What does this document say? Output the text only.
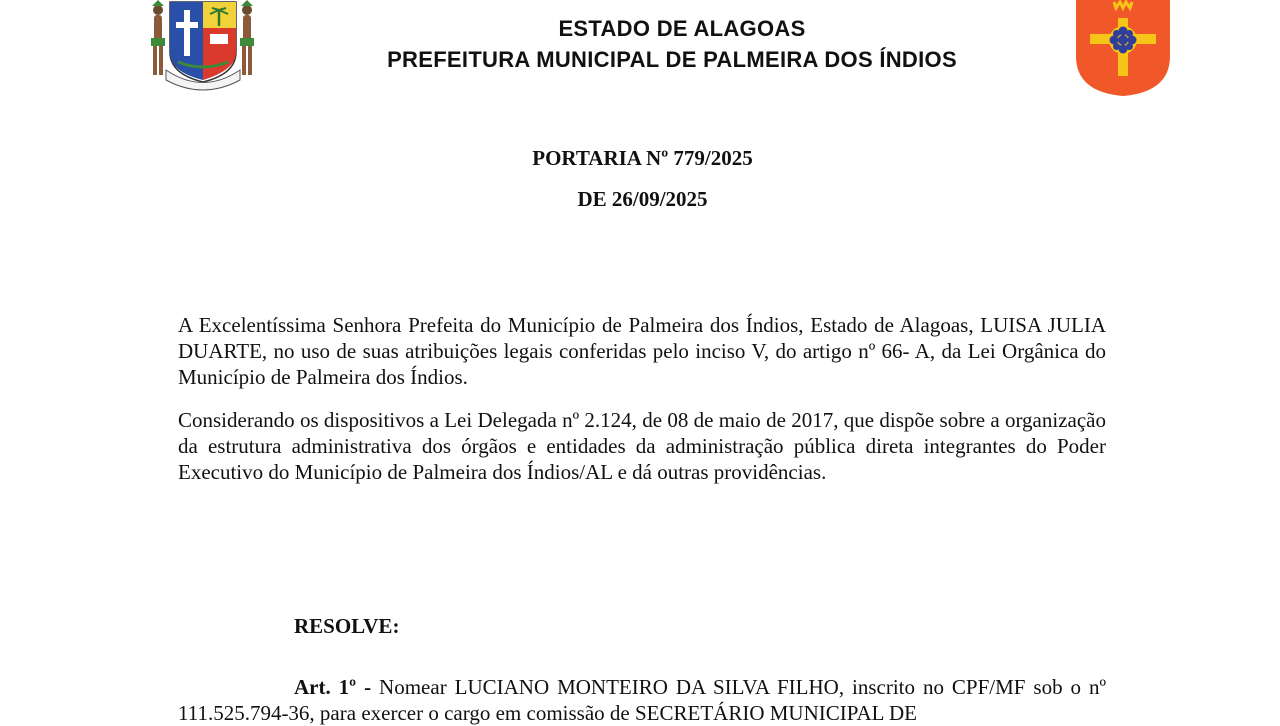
ESTADO DE ALAGOAS
PREFEITURA MUNICIPAL DE PALMEIRA DOS ÍNDIOS
PORTARIA Nº 779/2025
DE 26/09/2025

A Excelentíssima Senhora Prefeita do Município de Palmeira dos Índios, Estado de Alagoas, LUISA JULIA DUARTE, no uso de suas atribuições legais conferidas pelo inciso V, do artigo nº 66- A, da Lei Orgânica do Município de Palmeira dos Índios.

Considerando os dispositivos a Lei Delegada nº 2.124, de 08 de maio de 2017, que dispõe sobre a organização da estrutura administrativa dos órgãos e entidades da administração pública direta integrantes do Poder Executivo do Município de Palmeira dos Índios/AL e dá outras providências.

RESOLVE:

Art. 1º - Nomear LUCIANO MONTEIRO DA SILVA FILHO, inscrito no CPF/MF sob o nº 111.525.794-36, para exercer o cargo em comissão de SECRETÁRIO MUNICIPAL DE
